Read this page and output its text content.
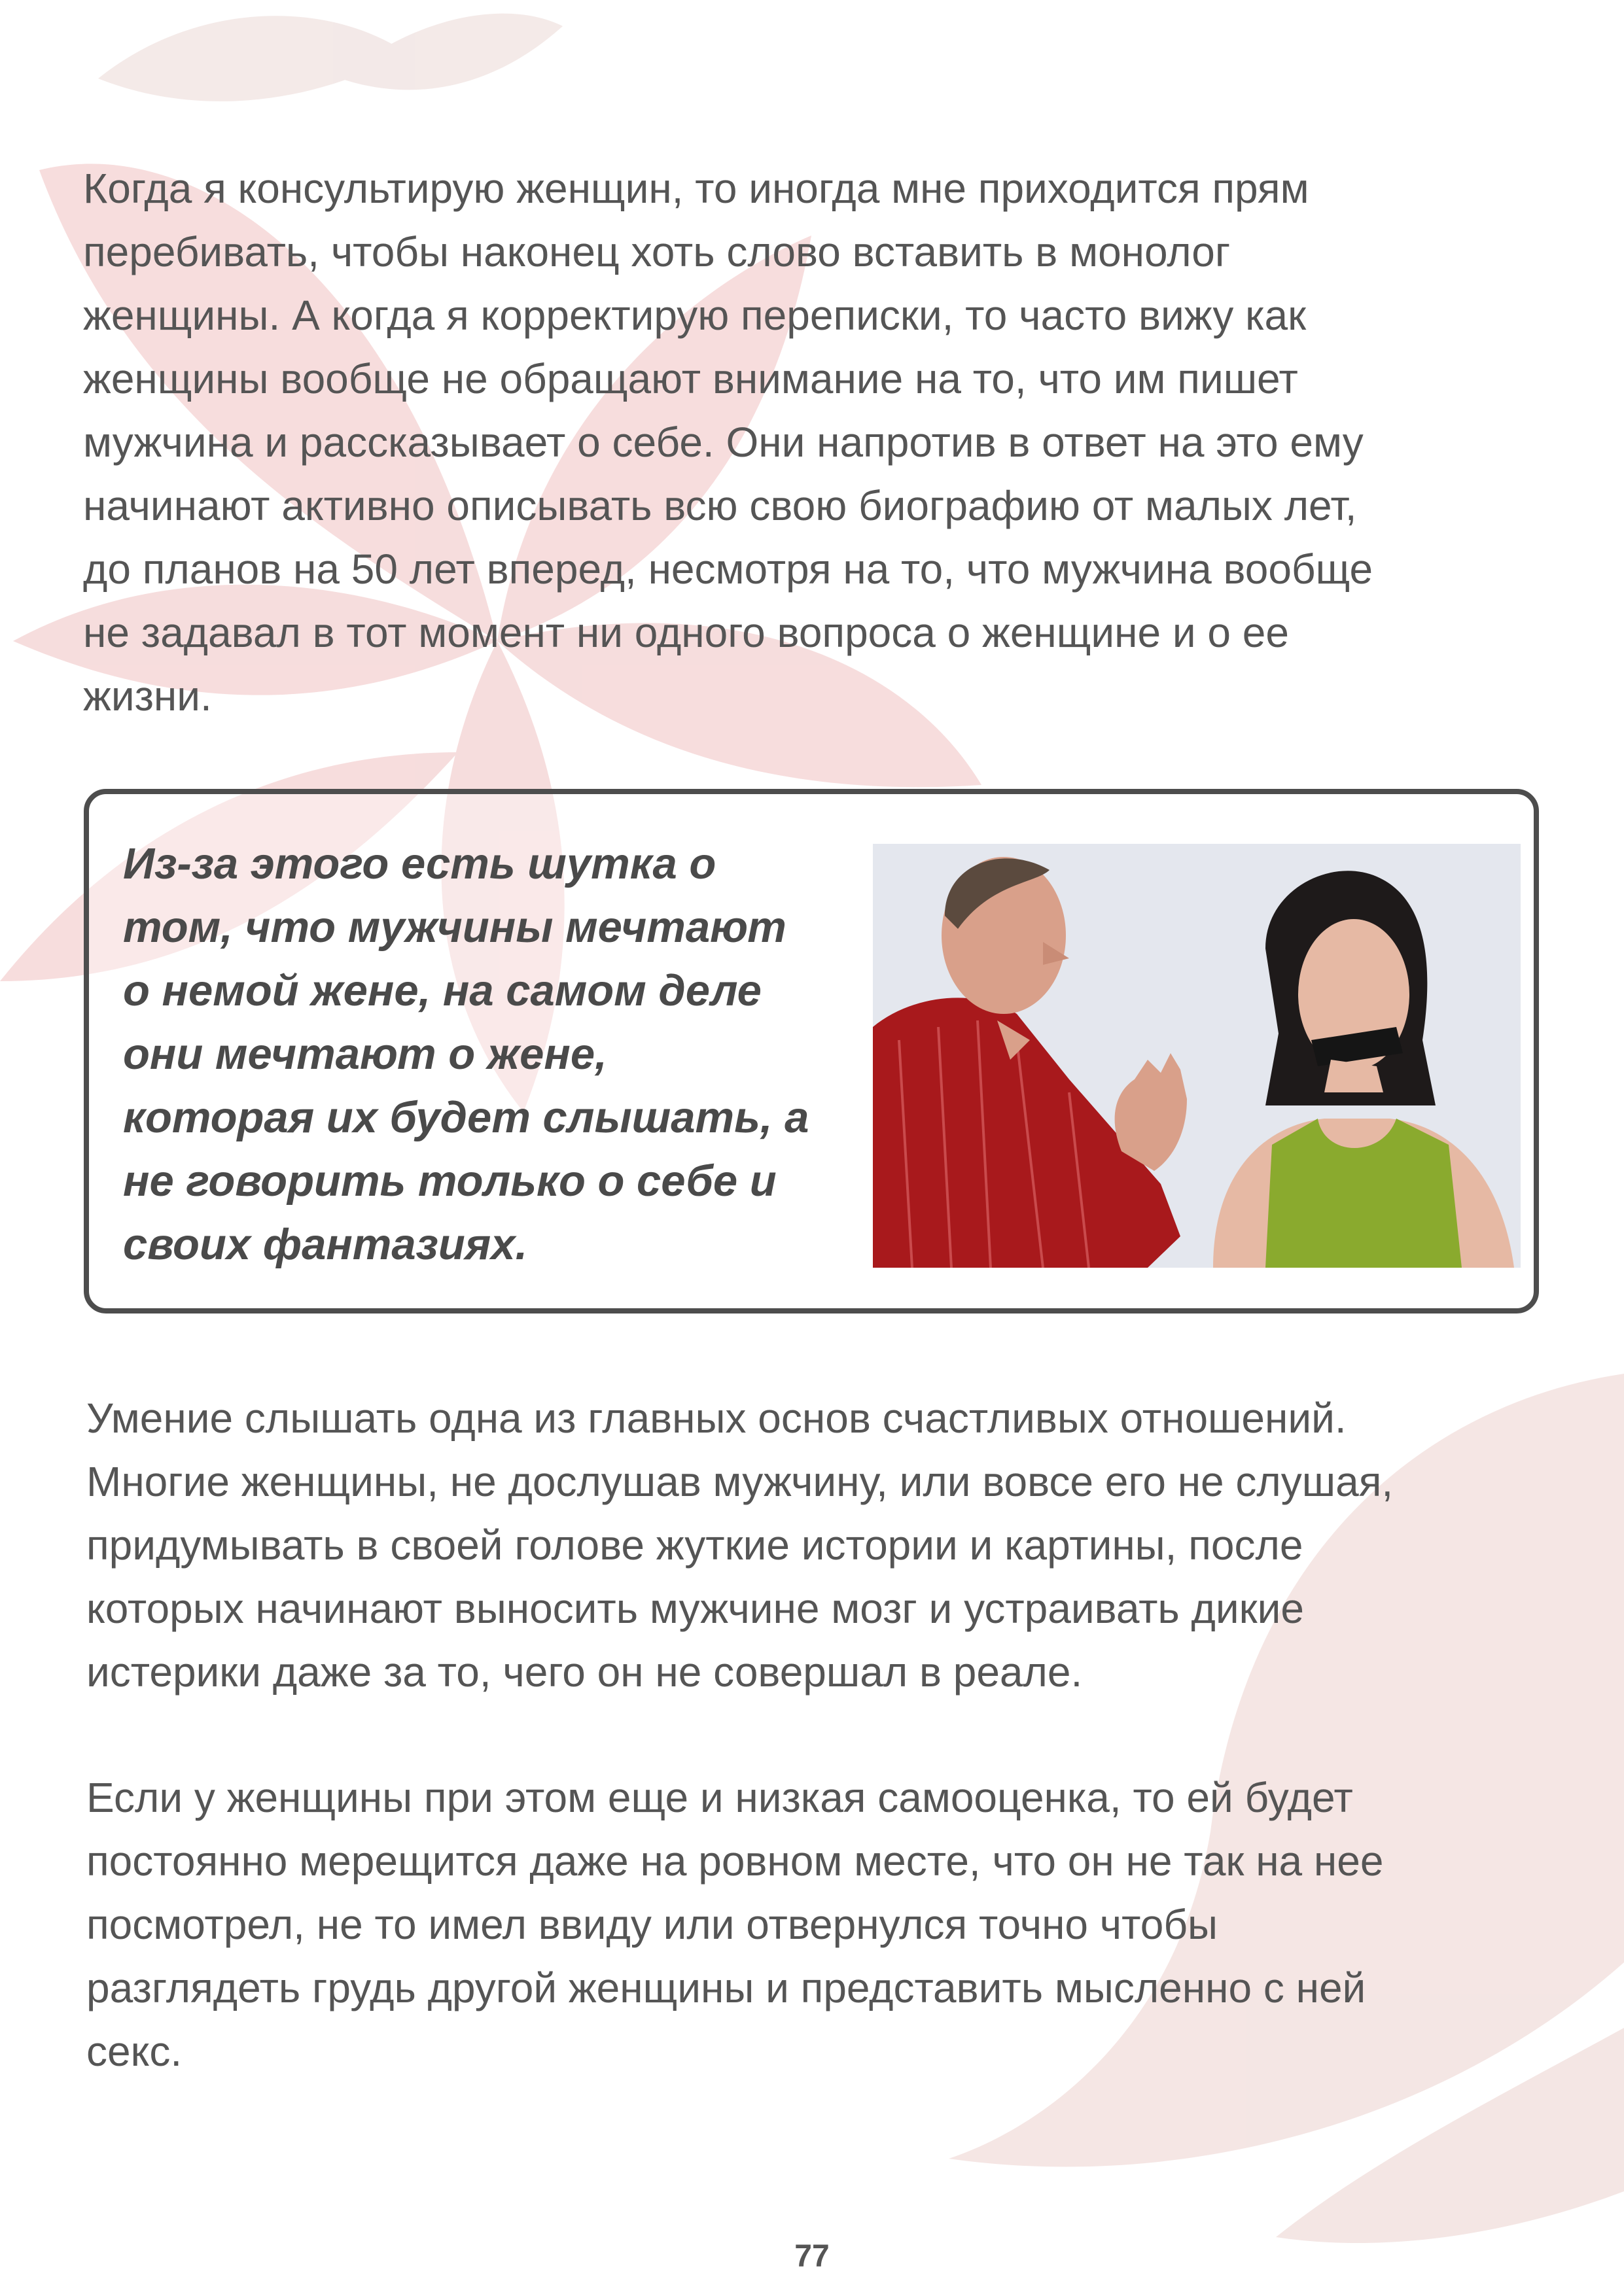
Когда я консультирую женщин, то иногда мне приходится прям
перебивать, чтобы наконец хоть слово вставить в монолог
женщины. А когда я корректирую переписки, то часто вижу как
женщины вообще не обращают внимание на то, что им пишет
мужчина и рассказывает о себе. Они напротив в ответ на это ему
начинают активно описывать всю свою биографию от малых лет,
до планов на 50 лет вперед, несмотря на то, что мужчина вообще
не задавал в тот момент ни одного вопроса о женщине и о ее
жизни.
Из-за этого есть шутка о
том, что мужчины мечтают
о немой жене, на самом деле
они мечтают о жене,
которая их будет слышать, а
не говорить только о себе и
своих фантазиях.
Умение слышать одна из главных основ счастливых отношений.
Многие женщины, не дослушав мужчину, или вовсе его не слушая,
придумывать в своей голове жуткие истории и картины, после
которых начинают выносить мужчине мозг и устраивать дикие
истерики даже за то, чего он не совершал в реале.
Если у женщины при этом еще и низкая самооценка, то ей будет
постоянно мерещится даже на ровном месте, что он не так на нее
посмотрел, не то имел ввиду или отвернулся точно чтобы
разглядеть грудь другой женщины и представить мысленно с ней
секс.
77
